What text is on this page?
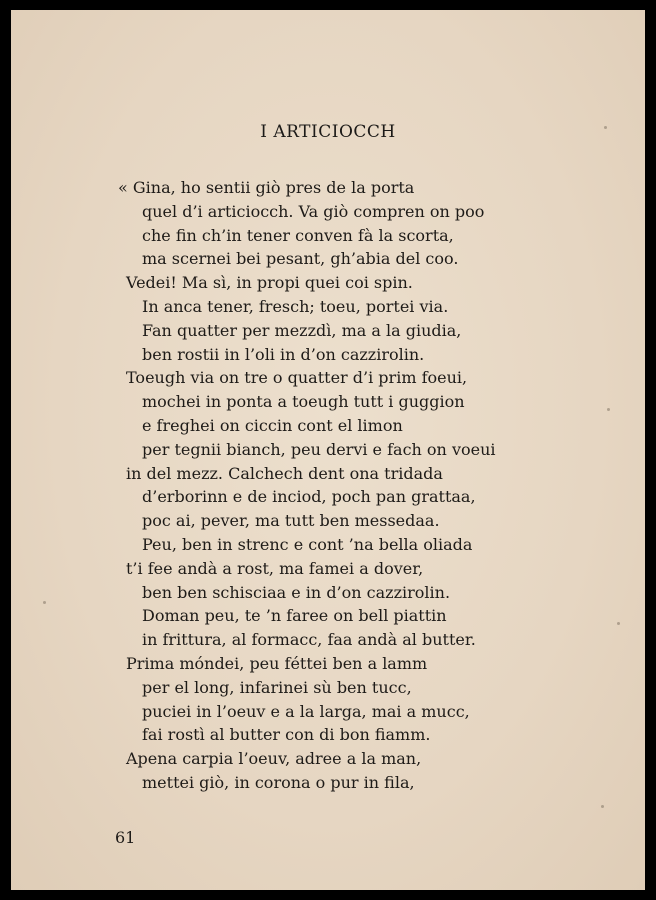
I ARTICIOCCH
« Gina, ho sentii giò pres de la porta
quel d’i articiocch. Va giò compren on poo
che fin ch’in tener conven fà la scorta,
ma scernei bei pesant, gh’abia del coo.
Vedei! Ma sì, in propi quei coi spin.
In anca tener, fresch; toeu, portei via.
Fan quatter per mezzdì, ma a la giudia,
ben rostii in l’oli in d’on cazzirolin.
Toeugh via on tre o quatter d’i prim foeui,
mochei in ponta a toeugh tutt i guggion
e freghei on ciccin cont el limon
per tegnii bianch, peu dervi e fach on voeui
in del mezz. Calchech dent ona tridada
d’erborinn e de inciod, poch pan grattaa,
poc ai, pever, ma tutt ben messedaa.
Peu, ben in strenc e cont ’na bella oliada
t’i fee andà a rost, ma famei a dover,
ben ben schisciaa e in d’on cazzirolin.
Doman peu, te ’n faree on bell piattin
in frittura, al formacc, faa andà al butter.
Prima móndei, peu féttei ben a lamm
per el long, infarinei sù ben tucc,
puciei in l’oeuv e a la larga, mai a mucc,
fai rostì al butter con di bon fiamm.
Apena carpia l’oeuv, adree a la man,
mettei giò, in corona o pur in fila,
61
